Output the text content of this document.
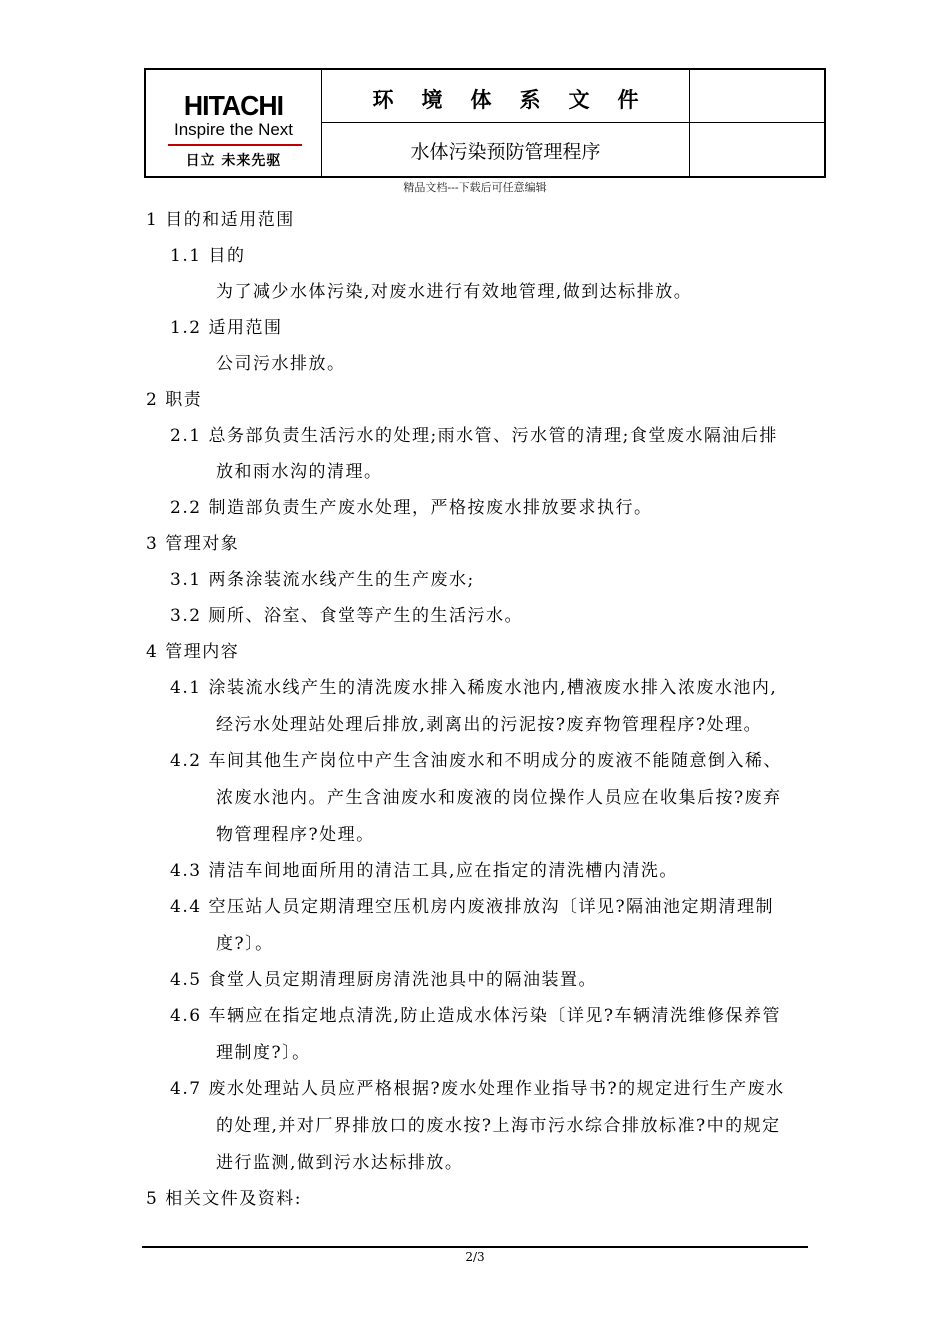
HITACHI
Inspire the Next
日立 未来先驱
环境体系文件
水体污染预防管理程序
精品文档---下载后可任意编辑
1 目的和适用范围
1.1 目的
为了减少水体污染,对废水进行有效地管理,做到达标排放。
1.2 适用范围
公司污水排放。
2 职责
2.1 总务部负责生活污水的处理;雨水管、污水管的清理;食堂废水隔油后排
放和雨水沟的清理。
2.2 制造部负责生产废水处理，严格按废水排放要求执行。
3 管理对象
3.1 两条涂装流水线产生的生产废水;
3.2 厕所、浴室、食堂等产生的生活污水。
4 管理内容
4.1 涂装流水线产生的清洗废水排入稀废水池内,槽液废水排入浓废水池内,
经污水处理站处理后排放,剥离出的污泥按?废弃物管理程序?处理。
4.2 车间其他生产岗位中产生含油废水和不明成分的废液不能随意倒入稀、
浓废水池内。产生含油废水和废液的岗位操作人员应在收集后按?废弃
物管理程序?处理。
4.3 清洁车间地面所用的清洁工具,应在指定的清洗槽内清洗。
4.4 空压站人员定期清理空压机房内废液排放沟〔详见?隔油池定期清理制
度?〕。
4.5 食堂人员定期清理厨房清洗池具中的隔油装置。
4.6 车辆应在指定地点清洗,防止造成水体污染〔详见?车辆清洗维修保养管
理制度?〕。
4.7 废水处理站人员应严格根据?废水处理作业指导书?的规定进行生产废水
的处理,并对厂界排放口的废水按?上海市污水综合排放标准?中的规定
进行监测,做到污水达标排放。
5 相关文件及资料:
2/3
